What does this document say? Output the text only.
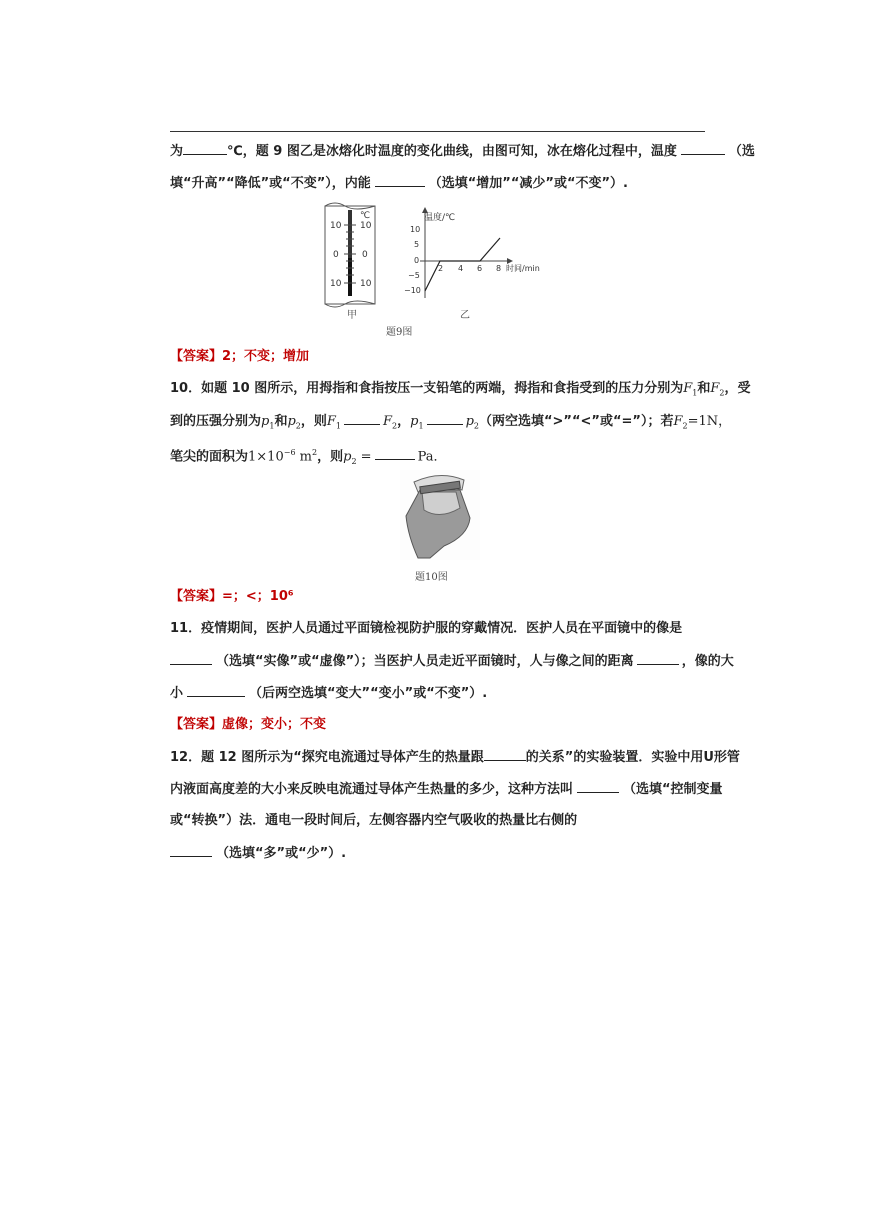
为	℃，题 9 图乙是冰熔化时温度的变化曲线，由图可知，冰在熔化过程中，温度	（选
填“升高”“降低”或“不变”），内能	（选填“增加”“减少”或“不变”）.
℃
10 10
0	0
10 10
甲
温度/℃
时间/min
10
5
0
−5
−10
2 4 6 8
乙
题9图
【答案】2；不变；增加
10．如题 10 图所示，用拇指和食指按压一支铅笔的两端，拇指和食指受到的压力分别为$F_1$和$F_2$，受
到的压强分别为$p_1$和$p_2$，则$F_1$	$F_2$，$p_1$	$p_2$（两空选填“>”“<”或“=”）；若$F_2=1N$，
笔尖的面积为$1\times 10^{-6}$ $m^2$，则$p_2$ =	Pa．
题10图
【答案】=；<；10⁶
11．疫情期间，医护人员通过平面镜检视防护服的穿戴情况．医护人员在平面镜中的像是
（选填“实像”或“虚像”）；当医护人员走近平面镜时，人与像之间的距离	，像的大
小	（后两空选填“变大”“变小”或“不变”）.
【答案】虚像；变小；不变
12．题 12 图所示为“探究电流通过导体产生的热量跟	的关系”的实验装置．实验中用U形管
内液面高度差的大小来反映电流通过导体产生热量的多少，这种方法叫	（选填“控制变量
或“转换”）法．通电一段时间后，左侧容器内空气吸收的热量比右侧的
（选填“多”或“少”）.
